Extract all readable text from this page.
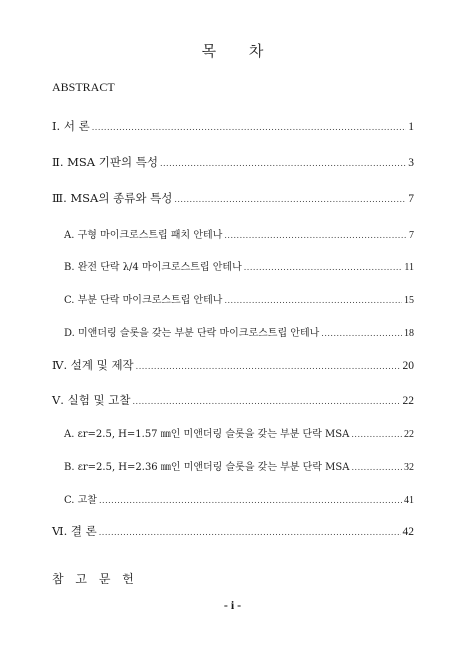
목 차
ABSTRACT
Ⅰ. 서 론 .....	1
Ⅱ. MSA 기판의 특성 .....	3
Ⅲ. MSA의 종류와 특성 .....	7
A. 구형 마이크로스트립 패치 안테나 .....	7
B. 완전 단락 λ/4 마이크로스트립 안테나 .....	11
C. 부분 단락 마이크로스트립 안테나 .....	15
D. 미앤더링 슬롯을 갖는 부분 단락 마이크로스트립 안테나 .....	18
Ⅳ. 설계 및 제작 .....	20
Ⅴ. 실험 및 고찰 .....	22
A. εr=2.5, H=1.57 ㎜인 미앤더링 슬롯을 갖는 부분 단락 MSA .....	22
B. εr=2.5, H=2.36 ㎜인 미앤더링 슬롯을 갖는 부분 단락 MSA .....	32
C. 고찰 .....	41
Ⅵ. 결 론 .....	42
참 고 문 헌
- i -
